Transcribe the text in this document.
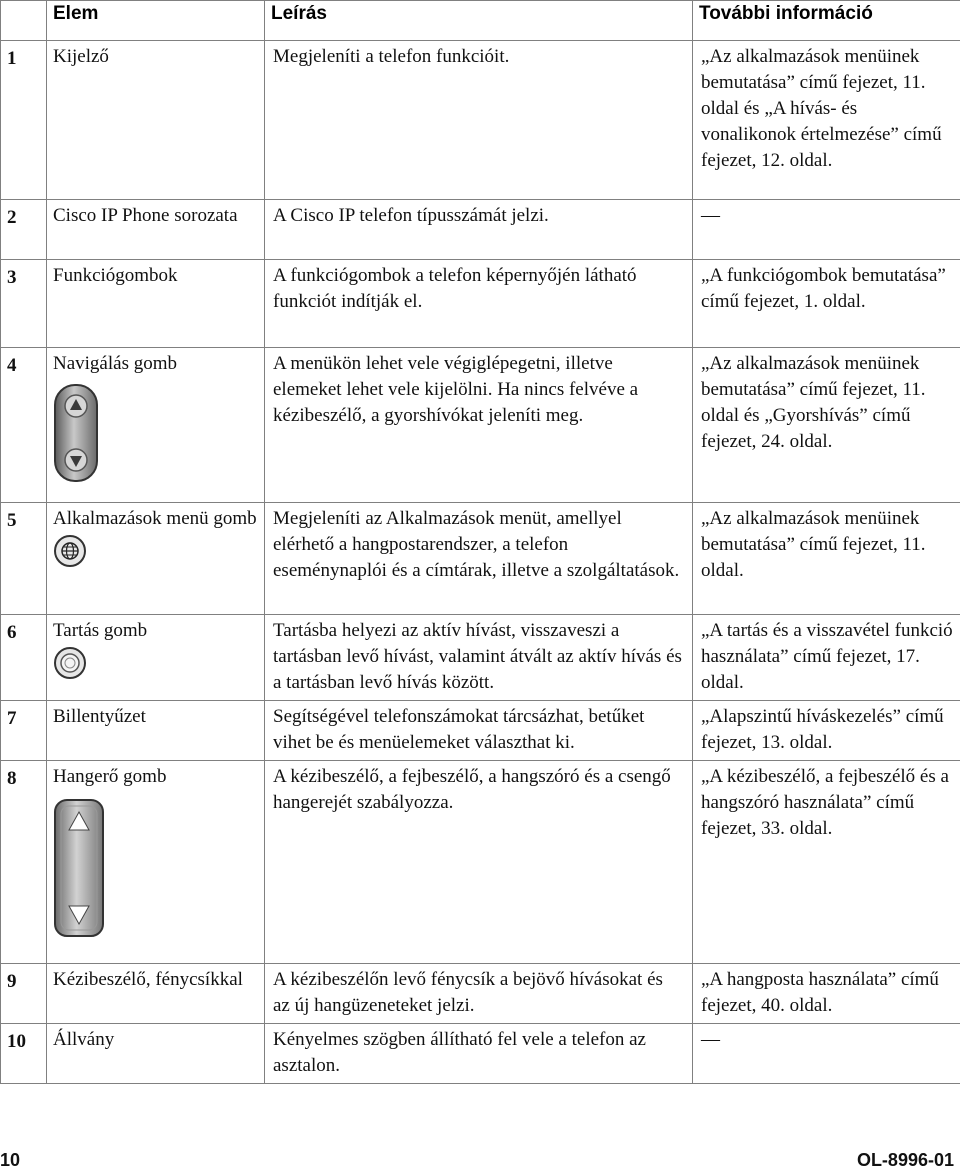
	Elem	Leírás	További információ
1	Kijelző	Megjeleníti a telefon funkcióit.	„Az alkalmazások menüinek bemutatása” című fejezet, 11. oldal és „A hívás- és vonalikonok értelmezése” című fejezet, 12. oldal.
2	Cisco IP Phone sorozata	A Cisco IP telefon típusszámát jelzi.	—
3	Funkciógombok	A funkciógombok a telefon képernyőjén látható funkciót indítják el.	„A funkciógombok bemutatása” című fejezet, 1. oldal.
4	Navigálás gomb	A menükön lehet vele végiglépegetni, illetve elemeket lehet vele kijelölni. Ha nincs felvéve a kézibeszélő, a gyorshívókat jeleníti meg.	„Az alkalmazások menüinek bemutatása” című fejezet, 11. oldal és „Gyorshívás” című fejezet, 24. oldal.
5	Alkalmazások menü gomb	Megjeleníti az Alkalmazások menüt, amellyel elérhető a hangpostarendszer, a telefon eseménynaplói és a címtárak, illetve a szolgáltatások.	„Az alkalmazások menüinek bemutatása” című fejezet, 11. oldal.
6	Tartás gomb	Tartásba helyezi az aktív hívást, visszaveszi a tartásban levő hívást, valamint átvált az aktív hívás és a tartásban levő hívás között.	„A tartás és a visszavétel funkció használata” című fejezet, 17. oldal.
7	Billentyűzet	Segítségével telefonszámokat tárcsázhat, betűket vihet be és menüelemeket választhat ki.	„Alapszintű híváskezelés” című fejezet, 13. oldal.
8	Hangerő gomb	A kézibeszélő, a fejbeszélő, a hangszóró és a csengő hangerejét szabályozza.	„A kézibeszélő, a fejbeszélő és a hangszóró használata” című fejezet, 33. oldal.
9	Kézibeszélő, fénycsíkkal	A kézibeszélőn levő fénycsík a bejövő hívásokat és az új hangüzeneteket jelzi.	„A hangposta használata” című fejezet, 40. oldal.
10	Állvány	Kényelmes szögben állítható fel vele a telefon az asztalon.	—
10	OL-8996-01
